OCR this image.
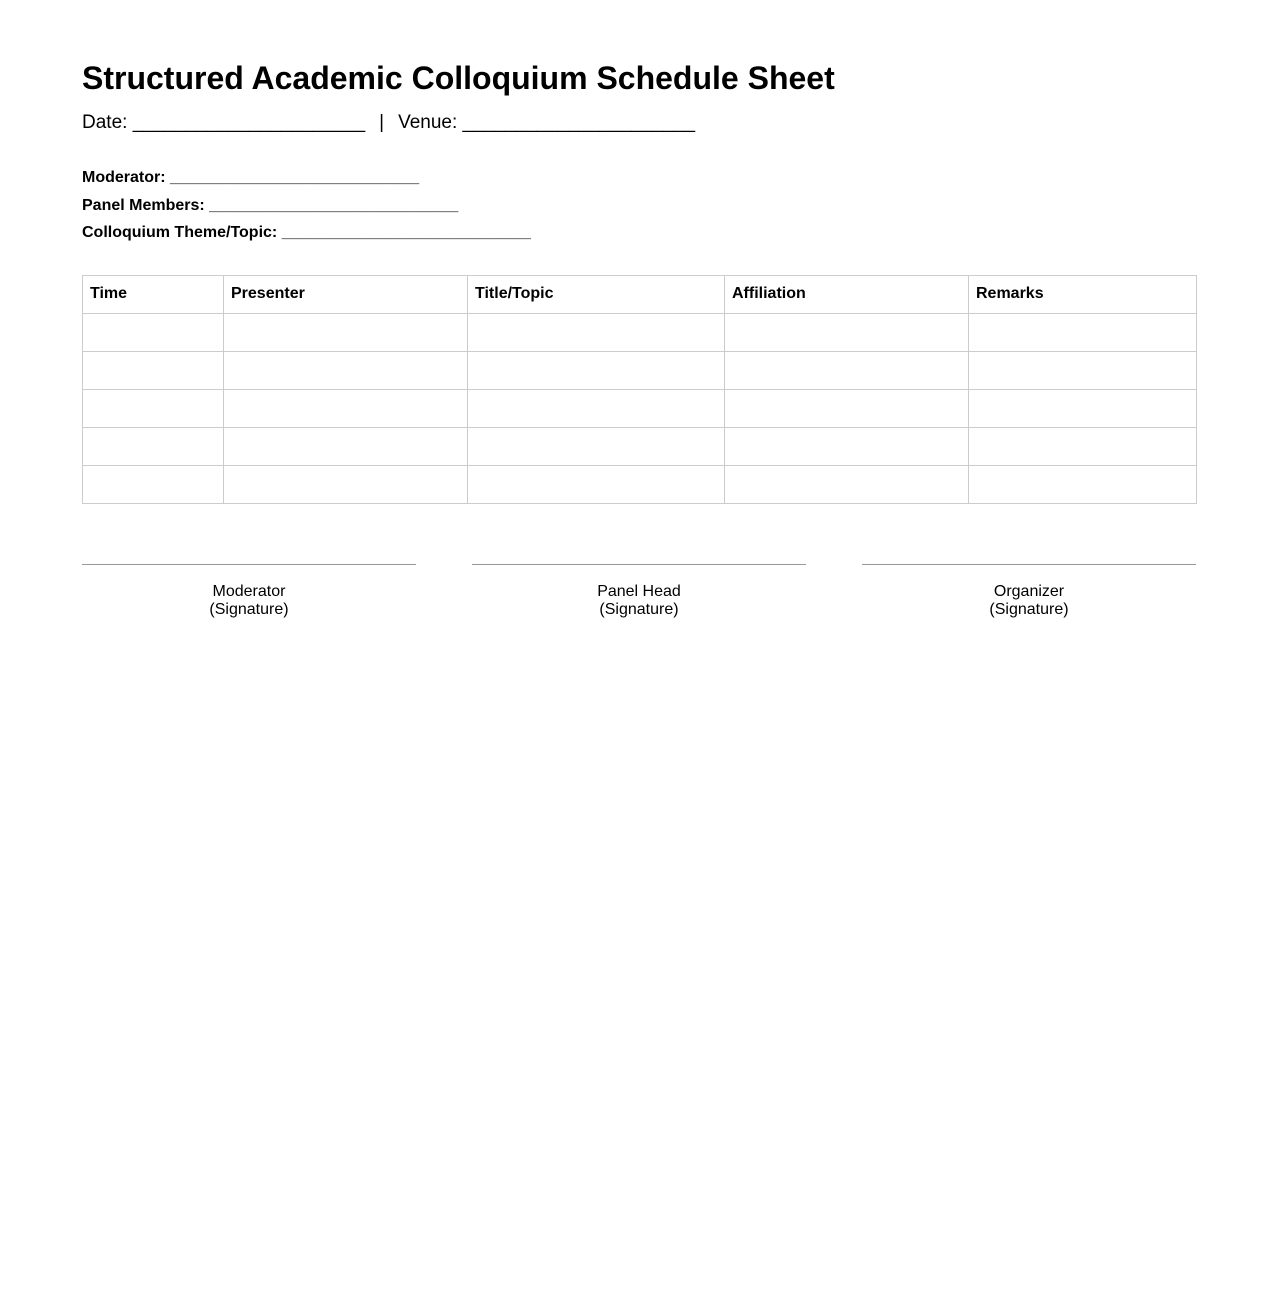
Structured Academic Colloquium Schedule Sheet
Date: ______________________ | Venue: ______________________
Moderator: ____________________________
Panel Members: ____________________________
Colloquium Theme/Topic: ____________________________
Time	Presenter	Title/Topic	Affiliation	Remarks

Moderator
(Signature)
Panel Head
(Signature)
Organizer
(Signature)
